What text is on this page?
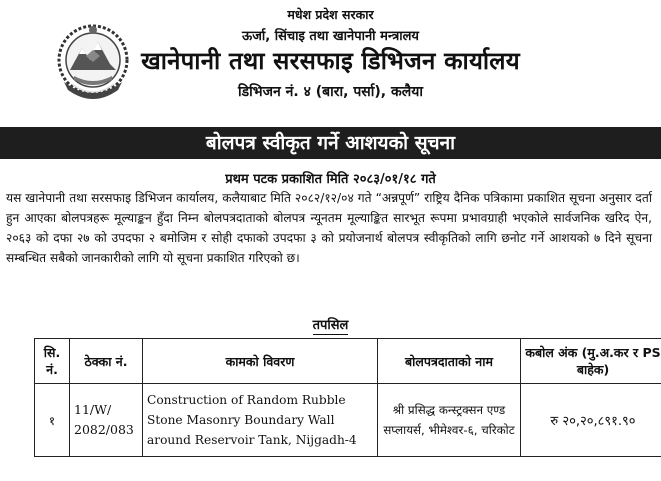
मधेश प्रदेश सरकार
ऊर्जा, सिंचाइ तथा खानेपानी मन्त्रालय
खानेपानी तथा सरसफाइ डिभिजन कार्यालय
डिभिजन नं. ४ (बारा, पर्सा), कलैया
बोलपत्र स्वीकृत गर्ने आशयको सूचना
प्रथम पटक प्रकाशित मिति २०८३/०१/१८ गते
यस खानेपानी तथा सरसफाइ डिभिजन कार्यालय, कलैयाबाट मिति २०८२/१२/०४ गते “अन्नपूर्ण” राष्ट्रिय दैनिक पत्रिकामा प्रकाशित सूचना अनुसार दर्ता हुन आएका बोलपत्रहरू मूल्याङ्कन हुँदा निम्न बोलपत्रदाताको बोलपत्र न्यूनतम मूल्याङ्कित सारभूत रूपमा प्रभावग्राही भएकोले सार्वजनिक खरिद ऐन, २०६३ को दफा २७ को उपदफा २ बमोजिम र सोही दफाको उपदफा ३ को प्रयोजनार्थ बोलपत्र स्वीकृतिको लागि छनोट गर्ने आशयको ७ दिने सूचना सम्बन्धित सबैको जानकारीको लागि यो सूचना प्रकाशित गरिएको छ।
तपसिल
सि. नं.	ठेक्का नं.	कामको विवरण	बोलपत्रदाताको नाम	कबोल अंक (मु.अ.कर र PS बाहेक)
१	11/W/ 2082/083	Construction of Random Rubble Stone Masonry Boundary Wall around Reservoir Tank, Nijgadh-4	श्री प्रसिद्ध कन्स्ट्रक्सन एण्ड सप्लायर्स, भीमेश्वर-६, चरिकोट	रु २०,२०,८९१.९०
